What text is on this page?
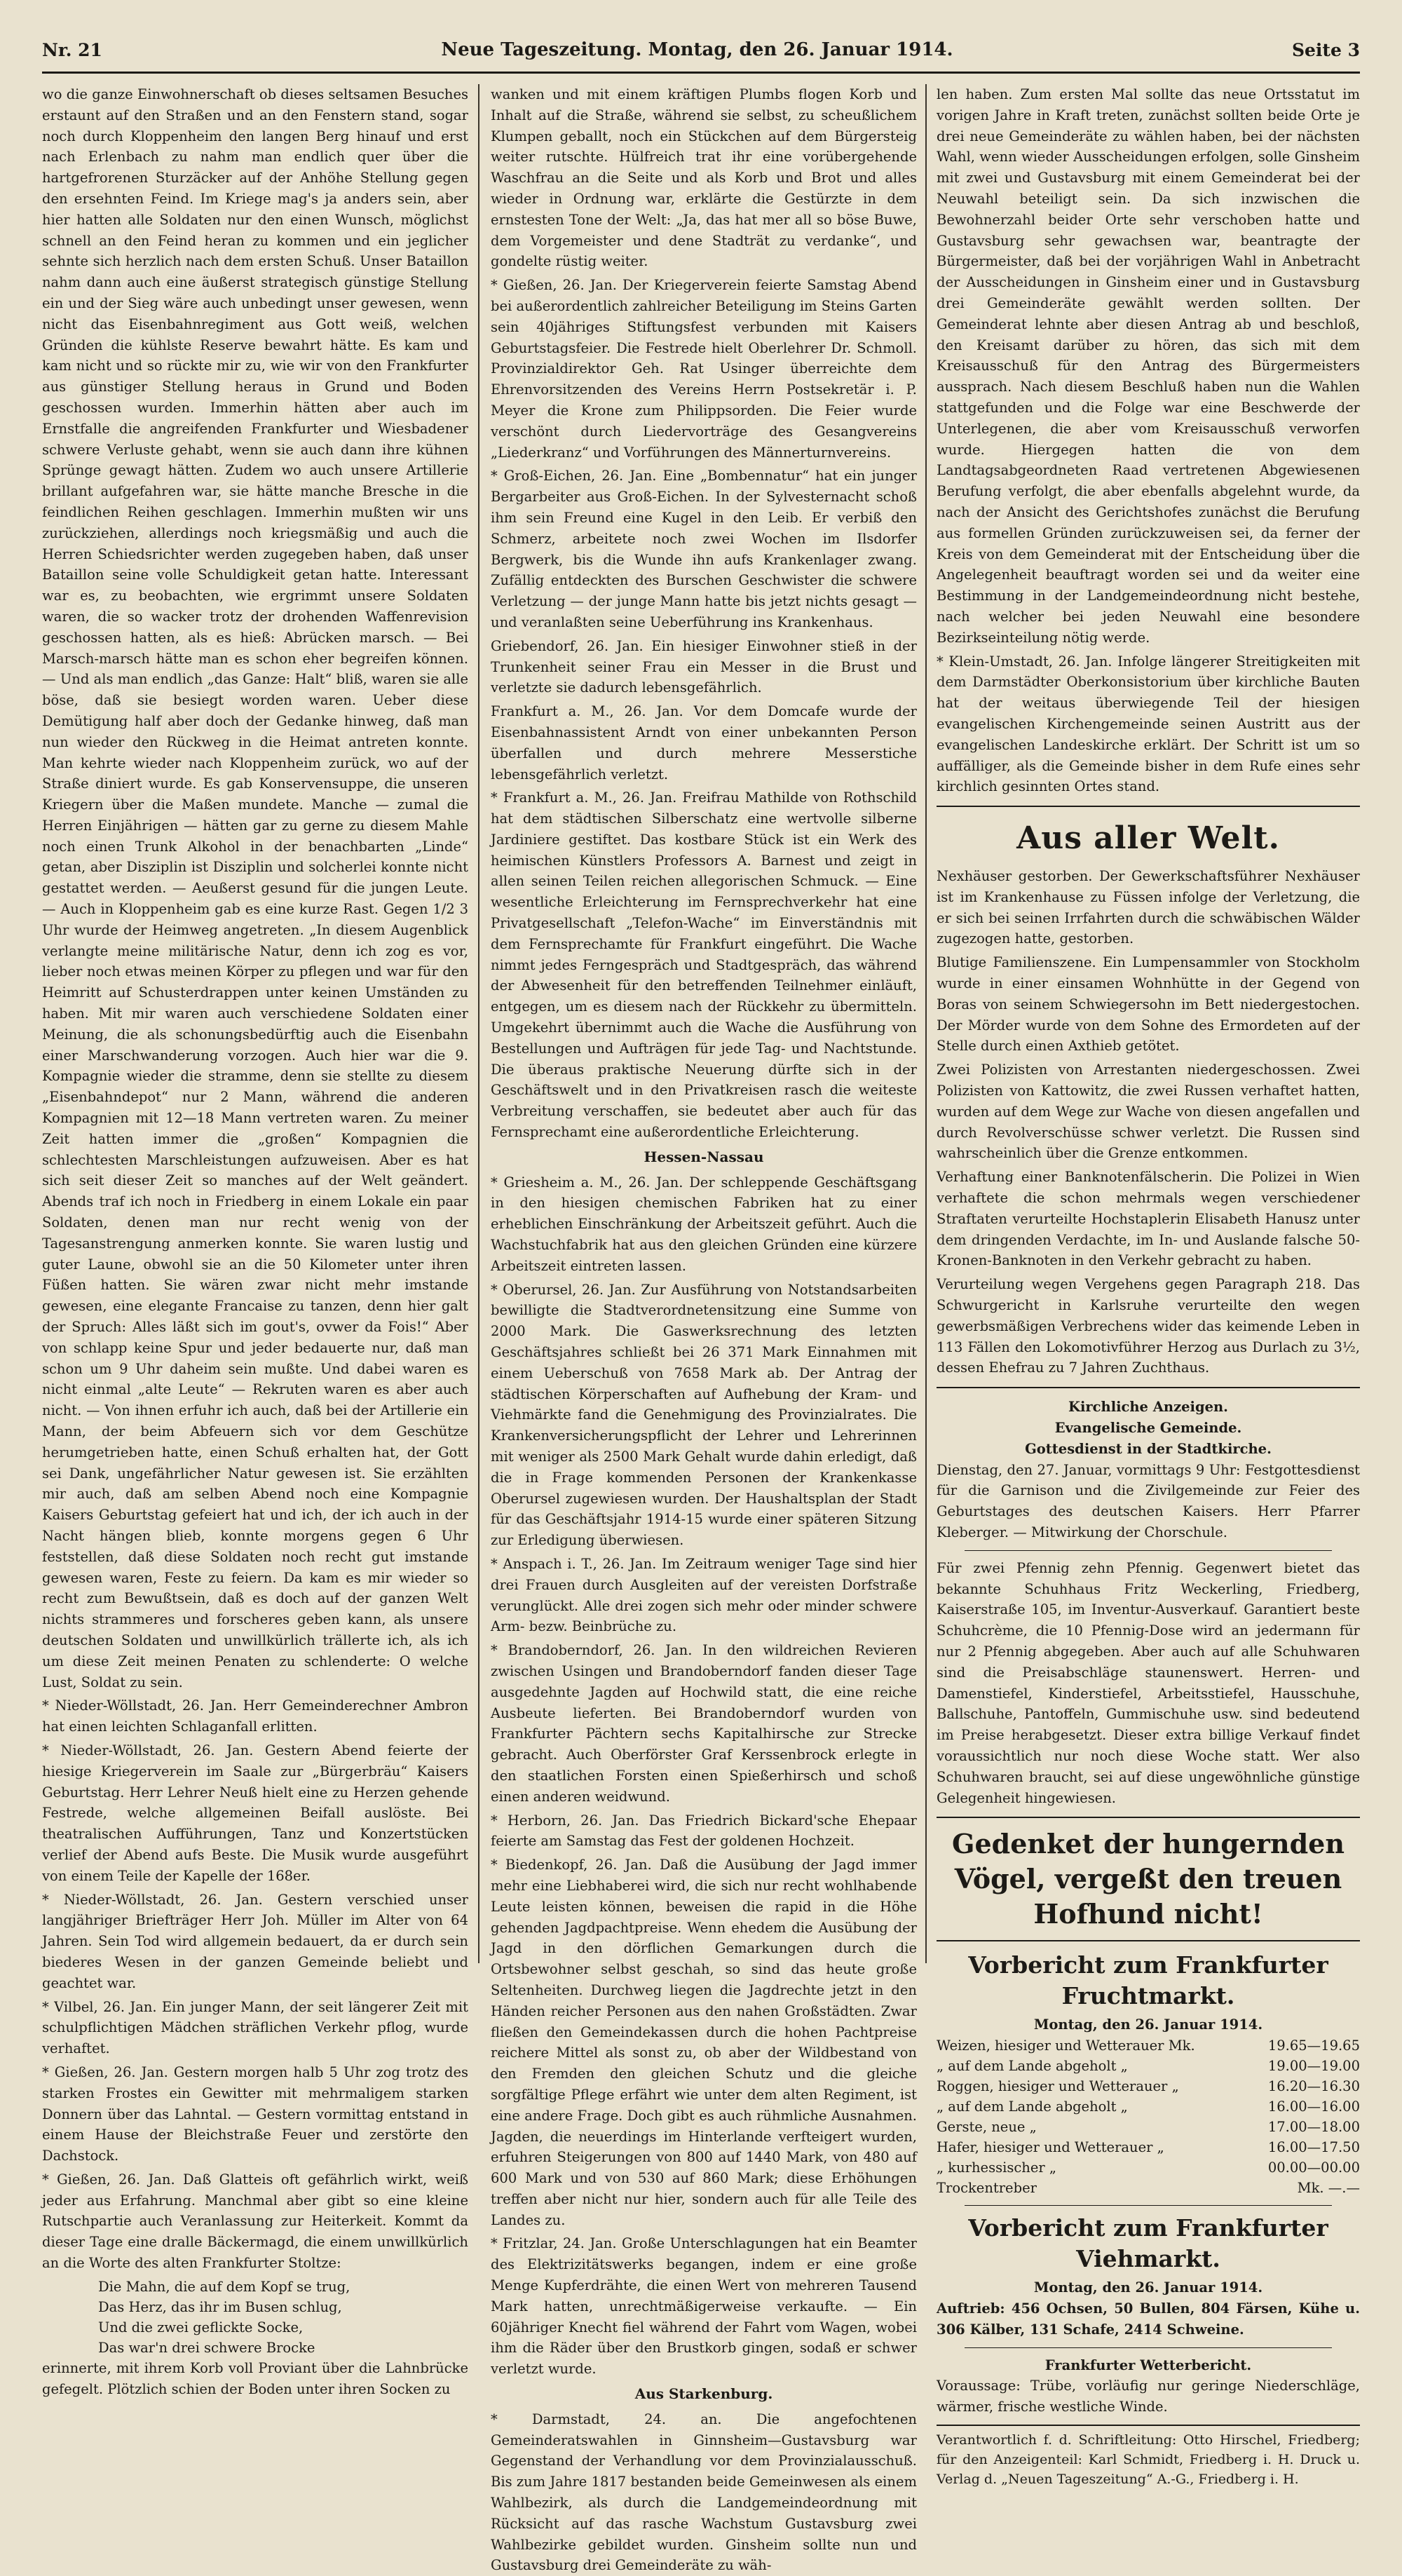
Nr. 21	Neue Tageszeitung. Montag, den 26. Januar 1914.	Seite 3

wo die ganze Einwohnerschaft ob dieses seltsamen Besuches erstaunt auf den Straßen und an den Fenstern stand, sogar noch durch Kloppenheim den langen Berg hinauf und erst nach Erlenbach zu nahm man endlich quer über die hartgefrorenen Sturzäcker auf der Anhöhe Stellung gegen den ersehnten Feind. Im Kriege mag's ja anders sein, aber hier hatten alle Soldaten nur den einen Wunsch, möglichst schnell an den Feind heran zu kommen und ein jeglicher sehnte sich herzlich nach dem ersten Schuß. Unser Bataillon nahm dann auch eine äußerst strategisch günstige Stellung ein und der Sieg wäre auch unbedingt unser gewesen, wenn nicht das Eisenbahnregiment aus Gott weiß, welchen Gründen die kühlste Reserve bewahrt hätte. Es kam und kam nicht und so rückte mir zu, wie wir von den Frankfurter aus günstiger Stellung heraus in Grund und Boden geschossen wurden. Immerhin hätten aber auch im Ernstfalle die angreifenden Frankfurter und Wiesbadener schwere Verluste gehabt, wenn sie auch dann ihre kühnen Sprünge gewagt hätten. Zudem wo auch unsere Artillerie brillant aufgefahren war, sie hätte manche Bresche in die feindlichen Reihen geschlagen. Immerhin mußten wir uns zurückziehen, allerdings noch kriegsmäßig und auch die Herren Schiedsrichter werden zugegeben haben, daß unser Bataillon seine volle Schuldigkeit getan hatte. Interessant war es, zu beobachten, wie ergrimmt unsere Soldaten waren, die so wacker trotz der drohenden Waffenrevision geschossen hatten, als es hieß: Abrücken marsch. — Bei Marsch-marsch hätte man es schon eher begreifen können. — Und als man endlich „das Ganze: Halt“ bliß, waren sie alle böse, daß sie besiegt worden waren. Ueber diese Demütigung half aber doch der Gedanke hinweg, daß man nun wieder den Rückweg in die Heimat antreten konnte. Man kehrte wieder nach Kloppenheim zurück, wo auf der Straße diniert wurde. Es gab Konservensuppe, die unseren Kriegern über die Maßen mundete. Manche — zumal die Herren Einjährigen — hätten gar zu gerne zu diesem Mahle noch einen Trunk Alkohol in der benachbarten „Linde“ getan, aber Disziplin ist Disziplin und solcherlei konnte nicht gestattet werden. — Aeußerst gesund für die jungen Leute. — Auch in Kloppenheim gab es eine kurze Rast. Gegen 1/2 3 Uhr wurde der Heimweg angetreten. „In diesem Augenblick verlangte meine militärische Natur, denn ich zog es vor, lieber noch etwas meinen Körper zu pflegen und war für den Heimritt auf Schusterdrappen unter keinen Umständen zu haben. Mit mir waren auch verschiedene Soldaten einer Meinung, die als schonungsbedürftig auch die Eisenbahn einer Marschwanderung vorzogen. Auch hier war die 9. Kompagnie wieder die stramme, denn sie stellte zu diesem „Eisenbahndepot“ nur 2 Mann, während die anderen Kompagnien mit 12—18 Mann vertreten waren. Zu meiner Zeit hatten immer die „großen“ Kompagnien die schlechtesten Marschleistungen aufzuweisen. Aber es hat sich seit dieser Zeit so manches auf der Welt geändert. Abends traf ich noch in Friedberg in einem Lokale ein paar Soldaten, denen man nur recht wenig von der Tagesanstrengung anmerken konnte. Sie waren lustig und guter Laune, obwohl sie an die 50 Kilometer unter ihren Füßen hatten. Sie wären zwar nicht mehr imstande gewesen, eine elegante Francaise zu tanzen, denn hier galt der Spruch: Alles läßt sich im gout's, ovwer da Fois!“ Aber von schlapp keine Spur und jeder bedauerte nur, daß man schon um 9 Uhr daheim sein mußte. Und dabei waren es nicht einmal „alte Leute“ — Rekruten waren es aber auch nicht. — Von ihnen erfuhr ich auch, daß bei der Artillerie ein Mann, der beim Abfeuern sich vor dem Geschütze herumgetrieben hatte, einen Schuß erhalten hat, der Gott sei Dank, ungefährlicher Natur gewesen ist. Sie erzählten mir auch, daß am selben Abend noch eine Kompagnie Kaisers Geburtstag gefeiert hat und ich, der ich auch in der Nacht hängen blieb, konnte morgens gegen 6 Uhr feststellen, daß diese Soldaten noch recht gut imstande gewesen waren, Feste zu feiern. Da kam es mir wieder so recht zum Bewußtsein, daß es doch auf der ganzen Welt nichts strammeres und forscheres geben kann, als unsere deutschen Soldaten und unwillkürlich trällerte ich, als ich um diese Zeit meinen Penaten zu schlenderte: O welche Lust, Soldat zu sein.

* Nieder-Wöllstadt, 26. Jan. Herr Gemeinderechner Ambron hat einen leichten Schlaganfall erlitten.

* Nieder-Wöllstadt, 26. Jan. Gestern Abend feierte der hiesige Kriegerverein im Saale zur „Bürgerbräu“ Kaisers Geburtstag. Herr Lehrer Neuß hielt eine zu Herzen gehende Festrede, welche allgemeinen Beifall auslöste. Bei theatralischen Aufführungen, Tanz und Konzertstücken verlief der Abend aufs Beste. Die Musik wurde ausgeführt von einem Teile der Kapelle der 168er.

* Nieder-Wöllstadt, 26. Jan. Gestern verschied unser langjähriger Briefträger Herr Joh. Müller im Alter von 64 Jahren. Sein Tod wird allgemein bedauert, da er durch sein biederes Wesen in der ganzen Gemeinde beliebt und geachtet war.

* Vilbel, 26. Jan. Ein junger Mann, der seit längerer Zeit mit schulpflichtigen Mädchen sträflichen Verkehr pflog, wurde verhaftet.

* Gießen, 26. Jan. Gestern morgen halb 5 Uhr zog trotz des starken Frostes ein Gewitter mit mehrmaligem starken Donnern über das Lahntal. — Gestern vormittag entstand in einem Hause der Bleichstraße Feuer und zerstörte den Dachstock.

* Gießen, 26. Jan. Daß Glatteis oft gefährlich wirkt, weiß jeder aus Erfahrung. Manchmal aber gibt so eine kleine Rutschpartie auch Veranlassung zur Heiterkeit. Kommt da dieser Tage eine dralle Bäckermagd, die einem unwillkürlich an die Worte des alten Frankfurter Stoltze:

Die Mahn, die auf dem Kopf se trug,
Das Herz, das ihr im Busen schlug,
Und die zwei geflickte Socke,
Das war'n drei schwere Brocke

erinnerte, mit ihrem Korb voll Proviant über die Lahnbrücke gefegelt. Plötzlich schien der Boden unter ihren Socken zu

wanken und mit einem kräftigen Plumbs flogen Korb und Inhalt auf die Straße, während sie selbst, zu scheußlichem Klumpen geballt, noch ein Stückchen auf dem Bürgersteig weiter rutschte. Hülfreich trat ihr eine vorübergehende Waschfrau an die Seite und als Korb und Brot und alles wieder in Ordnung war, erklärte die Gestürzte in dem ernstesten Tone der Welt: „Ja, das hat mer all so böse Buwe, dem Vorgemeister und dene Stadträt zu verdanke“, und gondelte rüstig weiter.

* Gießen, 26. Jan. Der Kriegerverein feierte Samstag Abend bei außerordentlich zahlreicher Beteiligung im Steins Garten sein 40jähriges Stiftungsfest verbunden mit Kaisers Geburtstagsfeier. Die Festrede hielt Oberlehrer Dr. Schmoll. Provinzialdirektor Geh. Rat Usinger überreichte dem Ehrenvorsitzenden des Vereins Herrn Postsekretär i. P. Meyer die Krone zum Philippsorden. Die Feier wurde verschönt durch Liedervorträge des Gesangvereins „Liederkranz“ und Vorführungen des Männerturnvereins.

* Groß-Eichen, 26. Jan. Eine „Bombennatur“ hat ein junger Bergarbeiter aus Groß-Eichen. In der Sylvesternacht schoß ihm sein Freund eine Kugel in den Leib. Er verbiß den Schmerz, arbeitete noch zwei Wochen im Ilsdorfer Bergwerk, bis die Wunde ihn aufs Krankenlager zwang. Zufällig entdeckten des Burschen Geschwister die schwere Verletzung — der junge Mann hatte bis jetzt nichts gesagt — und veranlaßten seine Ueberführung ins Krankenhaus.

Griebendorf, 26. Jan. Ein hiesiger Einwohner stieß in der Trunkenheit seiner Frau ein Messer in die Brust und verletzte sie dadurch lebensgefährlich.

Frankfurt a. M., 26. Jan. Vor dem Domcafe wurde der Eisenbahnassistent Arndt von einer unbekannten Person überfallen und durch mehrere Messerstiche lebensgefährlich verletzt.

* Frankfurt a. M., 26. Jan. Freifrau Mathilde von Rothschild hat dem städtischen Silberschatz eine wertvolle silberne Jardiniere gestiftet. Das kostbare Stück ist ein Werk des heimischen Künstlers Professors A. Barnest und zeigt in allen seinen Teilen reichen allegorischen Schmuck. — Eine wesentliche Erleichterung im Fernsprechverkehr hat eine Privatgesellschaft „Telefon-Wache“ im Einverständnis mit dem Fernsprechamte für Frankfurt eingeführt. Die Wache nimmt jedes Ferngespräch und Stadtgespräch, das während der Abwesenheit für den betreffenden Teilnehmer einläuft, entgegen, um es diesem nach der Rückkehr zu übermitteln. Umgekehrt übernimmt auch die Wache die Ausführung von Bestellungen und Aufträgen für jede Tag- und Nachtstunde. Die überaus praktische Neuerung dürfte sich in der Geschäftswelt und in den Privatkreisen rasch die weiteste Verbreitung verschaffen, sie bedeutet aber auch für das Fernsprechamt eine außerordentliche Erleichterung.

Hessen-Nassau

* Griesheim a. M., 26. Jan. Der schleppende Geschäftsgang in den hiesigen chemischen Fabriken hat zu einer erheblichen Einschränkung der Arbeitszeit geführt. Auch die Wachstuchfabrik hat aus den gleichen Gründen eine kürzere Arbeitszeit eintreten lassen.

* Oberursel, 26. Jan. Zur Ausführung von Notstandsarbeiten bewilligte die Stadtverordnetensitzung eine Summe von 2000 Mark. Die Gaswerksrechnung des letzten Geschäftsjahres schließt bei 26 371 Mark Einnahmen mit einem Ueberschuß von 7658 Mark ab. Der Antrag der städtischen Körperschaften auf Aufhebung der Kram- und Viehmärkte fand die Genehmigung des Provinzialrates. Die Krankenversicherungspflicht der Lehrer und Lehrerinnen mit weniger als 2500 Mark Gehalt wurde dahin erledigt, daß die in Frage kommenden Personen der Krankenkasse Oberursel zugewiesen wurden. Der Haushaltsplan der Stadt für das Geschäftsjahr 1914-15 wurde einer späteren Sitzung zur Erledigung überwiesen.

* Anspach i. T., 26. Jan. Im Zeitraum weniger Tage sind hier drei Frauen durch Ausgleiten auf der vereisten Dorfstraße verunglückt. Alle drei zogen sich mehr oder minder schwere Arm- bezw. Beinbrüche zu.

* Brandoberndorf, 26. Jan. In den wildreichen Revieren zwischen Usingen und Brandoberndorf fanden dieser Tage ausgedehnte Jagden auf Hochwild statt, die eine reiche Ausbeute lieferten. Bei Brandoberndorf wurden von Frankfurter Pächtern sechs Kapitalhirsche zur Strecke gebracht. Auch Oberförster Graf Kerssenbrock erlegte in den staatlichen Forsten einen Spießerhirsch und schoß einen anderen weidwund.

* Herborn, 26. Jan. Das Friedrich Bickard'sche Ehepaar feierte am Samstag das Fest der goldenen Hochzeit.

* Biedenkopf, 26. Jan. Daß die Ausübung der Jagd immer mehr eine Liebhaberei wird, die sich nur recht wohlhabende Leute leisten können, beweisen die rapid in die Höhe gehenden Jagdpachtpreise. Wenn ehedem die Ausübung der Jagd in den dörflichen Gemarkungen durch die Ortsbewohner selbst geschah, so sind das heute große Seltenheiten. Durchweg liegen die Jagdrechte jetzt in den Händen reicher Personen aus den nahen Großstädten. Zwar fließen den Gemeindekassen durch die hohen Pachtpreise reichere Mittel als sonst zu, ob aber der Wildbestand von den Fremden den gleichen Schutz und die gleiche sorgfältige Pflege erfährt wie unter dem alten Regiment, ist eine andere Frage. Doch gibt es auch rühmliche Ausnahmen. Jagden, die neuerdings im Hinterlande verfteigert wurden, erfuhren Steigerungen von 800 auf 1440 Mark, von 480 auf 600 Mark und von 530 auf 860 Mark; diese Erhöhungen treffen aber nicht nur hier, sondern auch für alle Teile des Landes zu.

* Fritzlar, 24. Jan. Große Unterschlagungen hat ein Beamter des Elektrizitätswerks begangen, indem er eine große Menge Kupferdrähte, die einen Wert von mehreren Tausend Mark hatten, unrechtmäßigerweise verkaufte. — Ein 60jähriger Knecht fiel während der Fahrt vom Wagen, wobei ihm die Räder über den Brustkorb gingen, sodaß er schwer verletzt wurde.

Aus Starkenburg.

* Darmstadt, 24. an. Die angefochtenen Gemeinderatswahlen in Ginnsheim—Gustavsburg war Gegenstand der Verhandlung vor dem Provinzialausschuß. Bis zum Jahre 1817 bestanden beide Gemeinwesen als einem Wahlbezirk, als durch die Landgemeindeordnung mit Rücksicht auf das rasche Wachstum Gustavsburg zwei Wahlbezirke gebildet wurden. Ginsheim sollte nun und Gustavsburg drei Gemeinderäte zu wäh-

len haben. Zum ersten Mal sollte das neue Ortsstatut im vorigen Jahre in Kraft treten, zunächst sollten beide Orte je drei neue Gemeinderäte zu wählen haben, bei der nächsten Wahl, wenn wieder Ausscheidungen erfolgen, solle Ginsheim mit zwei und Gustavsburg mit einem Gemeinderat bei der Neuwahl beteiligt sein. Da sich inzwischen die Bewohnerzahl beider Orte sehr verschoben hatte und Gustavsburg sehr gewachsen war, beantragte der Bürgermeister, daß bei der vorjährigen Wahl in Anbetracht der Ausscheidungen in Ginsheim einer und in Gustavsburg drei Gemeinderäte gewählt werden sollten. Der Gemeinderat lehnte aber diesen Antrag ab und beschloß, den Kreisamt darüber zu hören, das sich mit dem Kreisausschuß für den Antrag des Bürgermeisters aussprach. Nach diesem Beschluß haben nun die Wahlen stattgefunden und die Folge war eine Beschwerde der Unterlegenen, die aber vom Kreisausschuß verworfen wurde. Hiergegen hatten die von dem Landtagsabgeordneten Raad vertretenen Abgewiesenen Berufung verfolgt, die aber ebenfalls abgelehnt wurde, da nach der Ansicht des Gerichtshofes zunächst die Berufung aus formellen Gründen zurückzuweisen sei, da ferner der Kreis von dem Gemeinderat mit der Entscheidung über die Angelegenheit beauftragt worden sei und da weiter eine Bestimmung in der Landgemeindeordnung nicht bestehe, nach welcher bei jeden Neuwahl eine besondere Bezirkseinteilung nötig werde.

* Klein-Umstadt, 26. Jan. Infolge längerer Streitigkeiten mit dem Darmstädter Oberkonsistorium über kirchliche Bauten hat der weitaus überwiegende Teil der hiesigen evangelischen Kirchengemeinde seinen Austritt aus der evangelischen Landeskirche erklärt. Der Schritt ist um so auffälliger, als die Gemeinde bisher in dem Rufe eines sehr kirchlich gesinnten Ortes stand.

Aus aller Welt.

Nexhäuser gestorben. Der Gewerkschaftsführer Nexhäuser ist im Krankenhause zu Füssen infolge der Verletzung, die er sich bei seinen Irrfahrten durch die schwäbischen Wälder zugezogen hatte, gestorben.

Blutige Familienszene. Ein Lumpensammler von Stockholm wurde in einer einsamen Wohnhütte in der Gegend von Boras von seinem Schwiegersohn im Bett niedergestochen. Der Mörder wurde von dem Sohne des Ermordeten auf der Stelle durch einen Axthieb getötet.

Zwei Polizisten von Arrestanten niedergeschossen. Zwei Polizisten von Kattowitz, die zwei Russen verhaftet hatten, wurden auf dem Wege zur Wache von diesen angefallen und durch Revolverschüsse schwer verletzt. Die Russen sind wahrscheinlich über die Grenze entkommen.

Verhaftung einer Banknotenfälscherin. Die Polizei in Wien verhaftete die schon mehrmals wegen verschiedener Straftaten verurteilte Hochstaplerin Elisabeth Hanusz unter dem dringenden Verdachte, im In- und Auslande falsche 50-Kronen-Banknoten in den Verkehr gebracht zu haben.

Verurteilung wegen Vergehens gegen Paragraph 218. Das Schwurgericht in Karlsruhe verurteilte den wegen gewerbsmäßigen Verbrechens wider das keimende Leben in 113 Fällen den Lokomotivführer Herzog aus Durlach zu 3½, dessen Ehefrau zu 7 Jahren Zuchthaus.

Kirchliche Anzeigen.
Evangelische Gemeinde.
Gottesdienst in der Stadtkirche.

Dienstag, den 27. Januar, vormittags 9 Uhr: Festgottesdienst für die Garnison und die Zivilgemeinde zur Feier des Geburtstages des deutschen Kaisers. Herr Pfarrer Kleberger. — Mitwirkung der Chorschule.

Für zwei Pfennig zehn Pfennig. Gegenwert bietet das bekannte Schuhhaus Fritz Weckerling, Friedberg, Kaiserstraße 105, im Inventur-Ausverkauf. Garantiert beste Schuhcrème, die 10 Pfennig-Dose wird an jedermann für nur 2 Pfennig abgegeben. Aber auch auf alle Schuhwaren sind die Preisabschläge staunenswert. Herren- und Damenstiefel, Kinderstiefel, Arbeitsstiefel, Hausschuhe, Ballschuhe, Pantoffeln, Gummischuhe usw. sind bedeutend im Preise herabgesetzt. Dieser extra billige Verkauf findet voraussichtlich nur noch diese Woche statt. Wer also Schuhwaren braucht, sei auf diese ungewöhnliche günstige Gelegenheit hingewiesen.

Gedenket der hungernden Vögel, vergeßt den treuen Hofhund nicht!
Vorbericht zum Frankfurter Fruchtmarkt.
Montag, den 26. Januar 1914.
Weizen, hiesiger und Wetterauer Mk.	19.65—19.65
„ auf dem Lande abgeholt „	19.00—19.00
Roggen, hiesiger und Wetterauer „	16.20—16.30
„ auf dem Lande abgeholt „	16.00—16.00
Gerste, neue „	17.00—18.00
Hafer, hiesiger und Wetterauer „	16.00—17.50
„ kurhessischer „	00.00—00.00
Trockentreber	Mk. —.—
Vorbericht zum Frankfurter Viehmarkt.
Montag, den 26. Januar 1914.

Auftrieb: 456 Ochsen, 50 Bullen, 804 Färsen, Kühe u. 306 Kälber, 131 Schafe, 2414 Schweine.

Frankfurter Wetterbericht.

Voraussage: Trübe, vorläufig nur geringe Niederschläge, wärmer, frische westliche Winde.

Verantwortlich f. d. Schriftleitung: Otto Hirschel, Friedberg; für den Anzeigenteil: Karl Schmidt, Friedberg i. H. Druck u. Verlag d. „Neuen Tageszeitung“ A.-G., Friedberg i. H.
